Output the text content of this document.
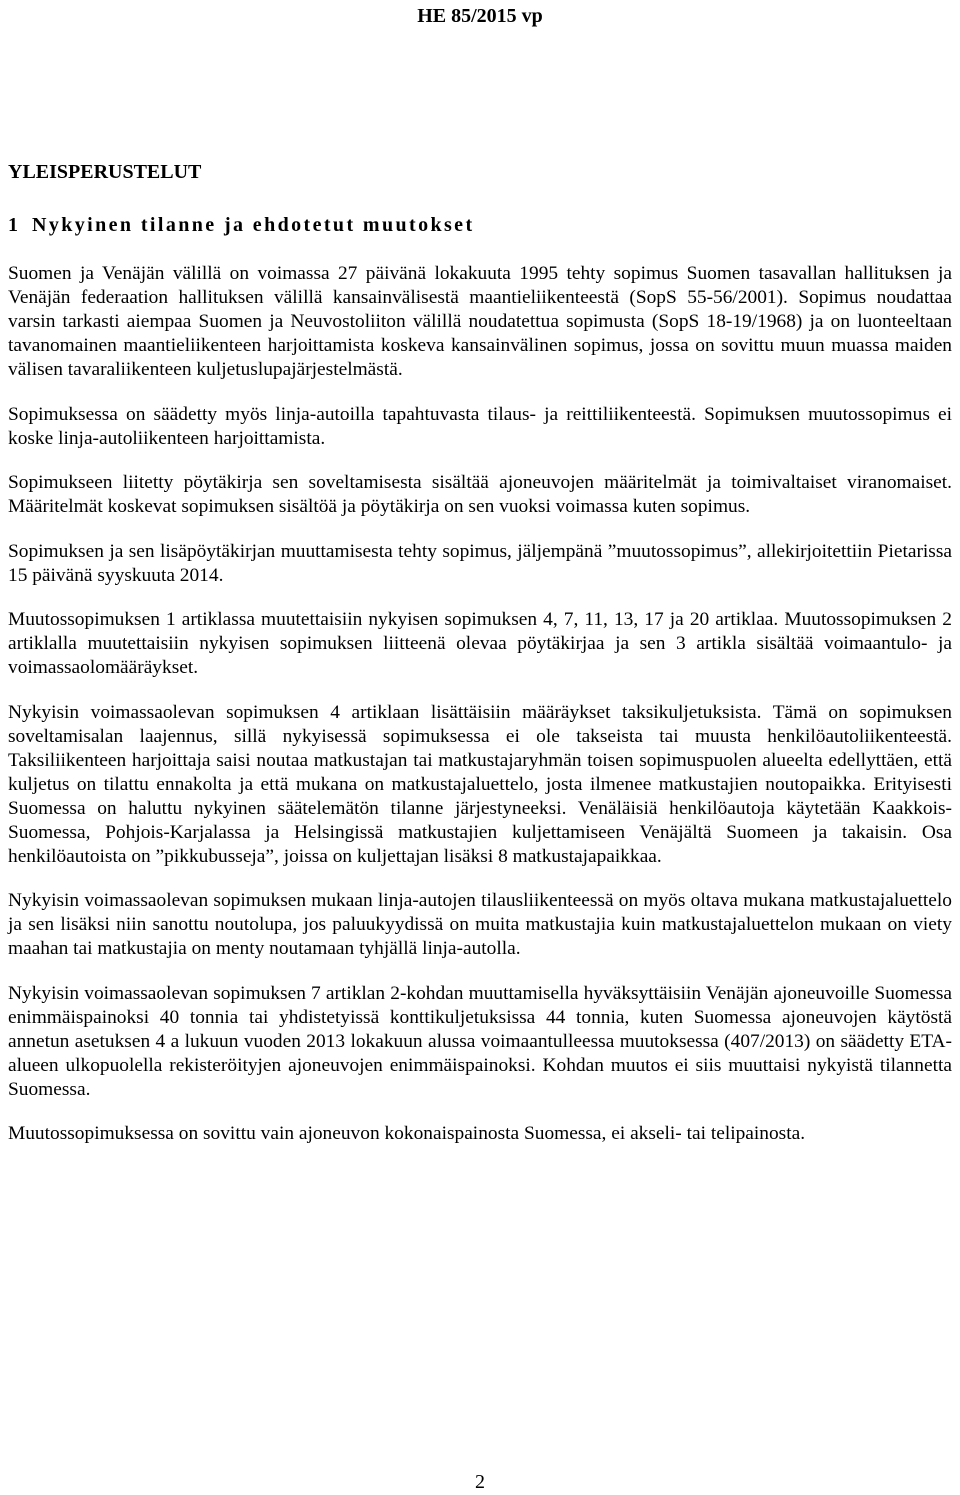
HE 85/2015 vp
YLEISPERUSTELUT
1 Nykyinen tilanne ja ehdotetut muutokset

Suomen ja Venäjän välillä on voimassa 27 päivänä lokakuuta 1995 tehty sopimus Suomen tasavallan hallituksen ja Venäjän federaation hallituksen välillä kansainvälisestä maantieliikenteestä (SopS 55-56/2001). Sopimus noudattaa varsin tarkasti aiempaa Suomen ja Neuvostoliiton välillä noudatettua sopimusta (SopS 18-19/1968) ja on luonteeltaan tavanomainen maantieliikenteen harjoittamista koskeva kansainvälinen sopimus, jossa on sovittu muun muassa maiden välisen tavaraliikenteen kuljetuslupajärjestelmästä.

Sopimuksessa on säädetty myös linja-autoilla tapahtuvasta tilaus- ja reittiliikenteestä. Sopimuksen muutossopimus ei koske linja-autoliikenteen harjoittamista.

Sopimukseen liitetty pöytäkirja sen soveltamisesta sisältää ajoneuvojen määritelmät ja toimivaltaiset viranomaiset. Määritelmät koskevat sopimuksen sisältöä ja pöytäkirja on sen vuoksi voimassa kuten sopimus.

Sopimuksen ja sen lisäpöytäkirjan muuttamisesta tehty sopimus, jäljempänä ”muutossopimus”, allekirjoitettiin Pietarissa 15 päivänä syyskuuta 2014.

Muutossopimuksen 1 artiklassa muutettaisiin nykyisen sopimuksen 4, 7, 11, 13, 17 ja 20 artiklaa. Muutossopimuksen 2 artiklalla muutettaisiin nykyisen sopimuksen liitteenä olevaa pöytäkirjaa ja sen 3 artikla sisältää voimaantulo- ja voimassaolomääräykset.

Nykyisin voimassaolevan sopimuksen 4 artiklaan lisättäisiin määräykset taksikuljetuksista. Tämä on sopimuksen soveltamisalan laajennus, sillä nykyisessä sopimuksessa ei ole takseista tai muusta henkilöautoliikenteestä. Taksiliikenteen harjoittaja saisi noutaa matkustajan tai matkustajaryhmän toisen sopimuspuolen alueelta edellyttäen, että kuljetus on tilattu ennakolta ja että mukana on matkustajaluettelo, josta ilmenee matkustajien noutopaikka. Erityisesti Suomessa on haluttu nykyinen säätelemätön tilanne järjestyneeksi. Venäläisiä henkilöautoja käytetään Kaakkois-Suomessa, Pohjois-Karjalassa ja Helsingissä matkustajien kuljettamiseen Venäjältä Suomeen ja takaisin. Osa henkilöautoista on ”pikkubusseja”, joissa on kuljettajan lisäksi 8 matkustajapaikkaa.

Nykyisin voimassaolevan sopimuksen mukaan linja-autojen tilausliikenteessä on myös oltava mukana matkustajaluettelo ja sen lisäksi niin sanottu noutolupa, jos paluukyydissä on muita matkustajia kuin matkustajaluettelon mukaan on viety maahan tai matkustajia on menty noutamaan tyhjällä linja-autolla.

Nykyisin voimassaolevan sopimuksen 7 artiklan 2-kohdan muuttamisella hyväksyttäisiin Venäjän ajoneuvoille Suomessa enimmäispainoksi 40 tonnia tai yhdistetyissä konttikuljetuksissa 44 tonnia, kuten Suomessa ajoneuvojen käytöstä annetun asetuksen 4 a lukuun vuoden 2013 lokakuun alussa voimaantulleessa muutoksessa (407/2013) on säädetty ETA-alueen ulkopuolella rekisteröityjen ajoneuvojen enimmäispainoksi. Kohdan muutos ei siis muuttaisi nykyistä tilannetta Suomessa.

Muutossopimuksessa on sovittu vain ajoneuvon kokonaispainosta Suomessa, ei akseli- tai telipainosta.

2
